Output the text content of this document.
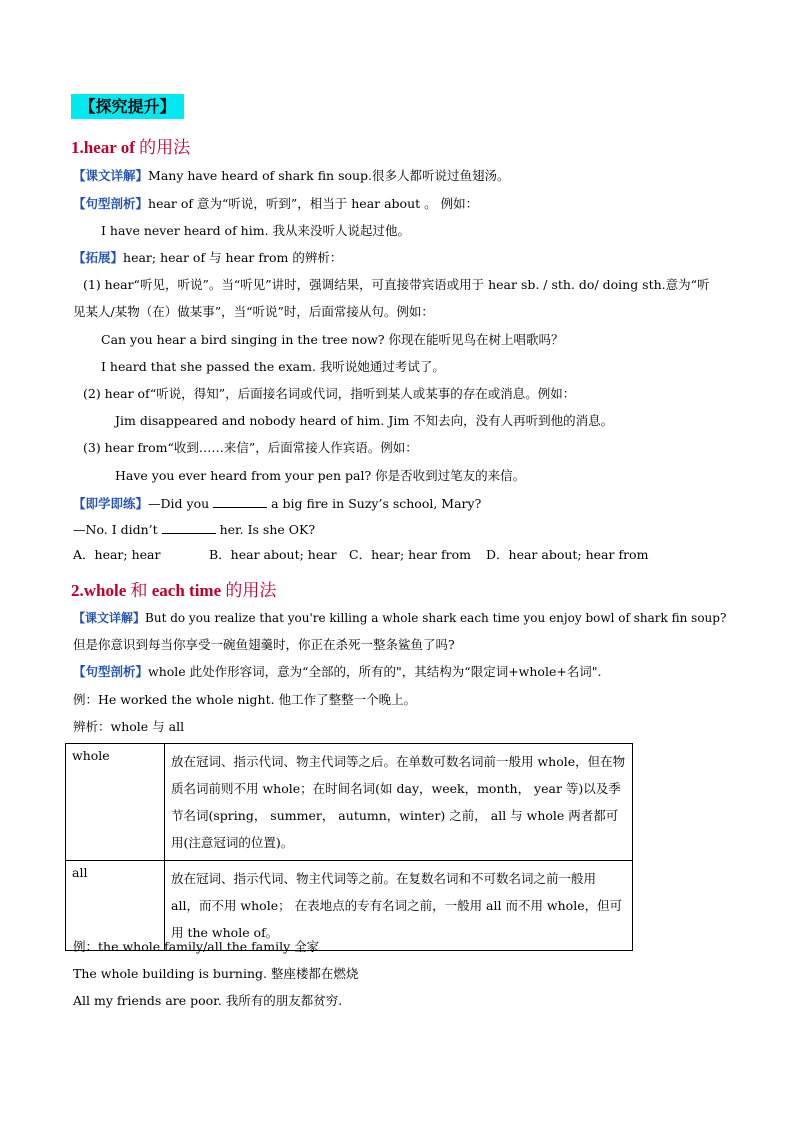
【探究提升】
1.hear of 的用法
【课文详解】Many have heard of shark fin soup.很多人都听说过鱼翅汤。
【句型剖析】hear of 意为“听说，听到”，相当于 hear about 。 例如：
I have never heard of him. 我从来没听人说起过他。
【拓展】hear; hear of 与 hear from 的辨析：
(1) hear“听见，听说”。当“听见”讲时，强调结果，可直接带宾语或用于 hear sb. / sth. do/ doing sth.意为“听
见某人/某物（在）做某事”，当“听说”时，后面常接从句。例如：
Can you hear a bird singing in the tree now? 你现在能听见鸟在树上唱歌吗？
I heard that she passed the exam. 我听说她通过考试了。
(2) hear of“听说，得知”，后面接名词或代词，指听到某人或某事的存在或消息。例如：
Jim disappeared and nobody heard of him. Jim 不知去向，没有人再听到他的消息。
(3) hear from“收到……来信”，后面常接人作宾语。例如：
Have you ever heard from your pen pal? 你是否收到过笔友的来信。
【即学即练】—Did you	a big fire in Suzy’s school, Mary?
—No. I didn’t	her. Is she OK?
A．hear; hear	B．hear about; hear C．hear; hear from D．hear about; hear from
2.whole 和 each time 的用法
【课文详解】But do you realize that you're killing a whole shark each time you enjoy bowl of shark fin soup?
但是你意识到每当你享受一碗鱼翅羹时，你正在杀死一整条鲨鱼了吗?
【句型剖析】whole 此处作形容词，意为“全部的，所有的"，其结构为“限定词+whole+名词".
例：He worked the whole night. 他工作了整整一个晚上。
辨析：whole 与 all
whole	放在冠词、指示代词、物主代词等之后。在单数可数名词前一般用 whole，但在物质名词前则不用 whole；在时间名词(如 day，week，month， year 等)以及季节名词(spring， summer， autumn，winter) 之前， all 与 whole 两者都可用(注意冠词的位置)。
all	放在冠词、指示代词、物主代词等之前。在复数名词和不可数名词之前一般用 all，而不用 whole； 在表地点的专有名词之前，一般用 all 而不用 whole，但可用 the whole of。
例：the whole family/all the family 全家
The whole building is burning. 整座楼都在燃烧
All my friends are poor. 我所有的朋友都贫穷.
